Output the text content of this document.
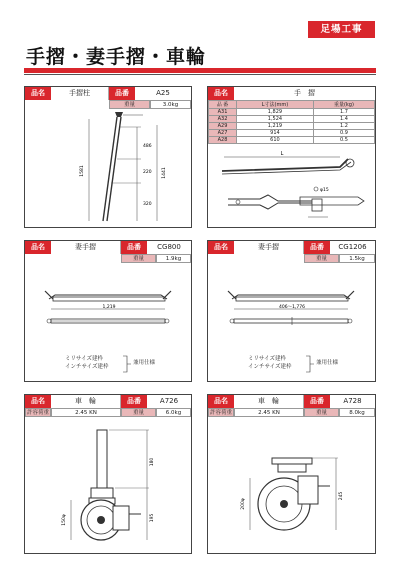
足場工事
手摺・妻手摺・車輪
品名	手摺柱	品番	A25
重量	3.0kg
1581	1441
486
220
320
品名	手　摺
品 番	L寸法(mm)	重量(kg)
A31	1,829	1.7
A32	1,524	1.4
A29	1,219	1.2
A27	914	0.9
A28	610	0.5
L
φ15
品名	妻手摺	品番	CG800
重量	1.9kg
1,219
ミリサイズ建枠
インチサイズ建枠
兼用仕様
品名	妻手摺	品番	CG1206
重量	1.5kg
406～1,776
ミリサイズ建枠
インチサイズ建枠
兼用仕様
品名	車　輪	品番	A726
許容荷重	2.45 KN	重量	6.0kg
180
195
150φ
品名	車　輪	品番	A728
許容荷重	2.45 KN	重量	8.0kg
245
200φ
